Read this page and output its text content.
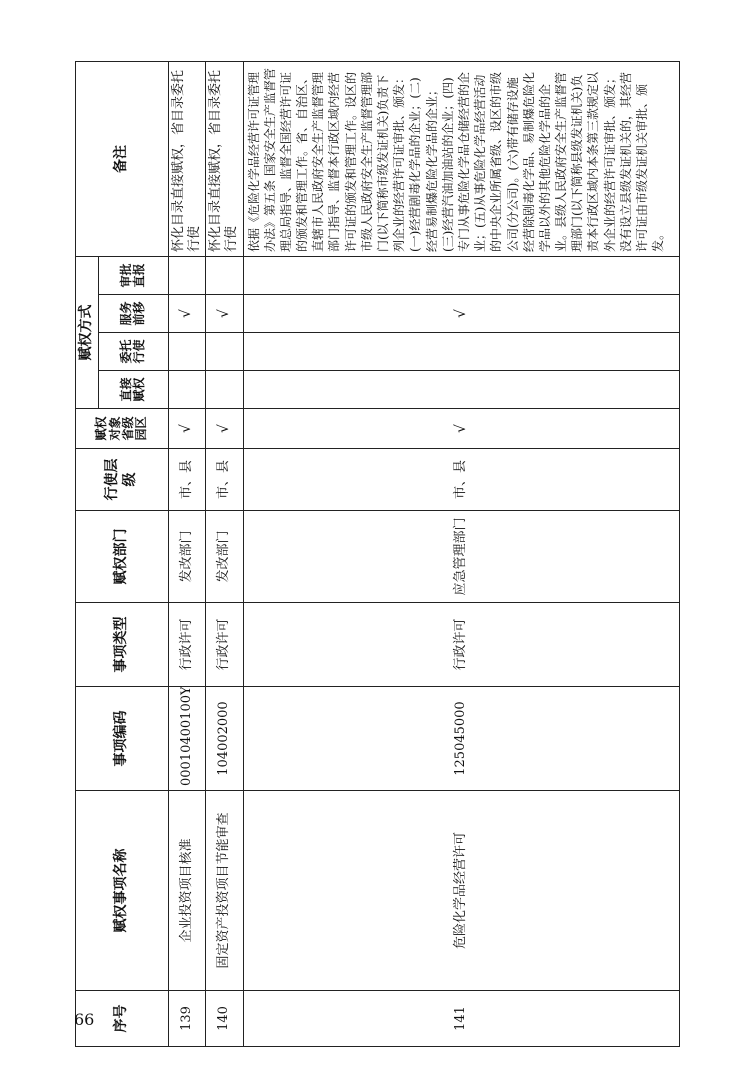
序号	赋权事项名称	事项编码	事项类型	赋权部门	行使层级	赋权对象省级园区	赋权方式				备注
							直接赋权	委托行使	服务前移	审批直报	
139	企业投资项目核准	00010400100Y	行政许可	发改部门	市、县	√			√		怀化目录直接赋权，省目录委托行使
140	固定资产投资项目节能审查	104002000	行政许可	发改部门	市、县	√			√		怀化目录直接赋权，省目录委托行使
141	危险化学品经营许可	125045000	行政许可	应急管理部门	市、县	√			√		依据《危险化学品经营许可证管理办法》第五条 国家安全生产监督管理总局指导、监督全国经营许可证的颁发和管理工作。省、自治区、直辖市人民政府安全生产监督管理部门指导、监督本行政区域内经营许可证的颁发和管理工作。设区的市级人民政府安全生产监督管理部门(以下简称市级发证机关)负责下列企业的经营许可证审批、颁发：(一)经营剧毒化学品的企业；(二)经营易制爆危险化学品的企业；(三)经营汽油加油站的企业；(四)专门从事危险化学品仓储经营的企业；(五)从事危险化学品经营活动的中央企业所属省级、设区的市级公司(分公司)。(六)带有储存设施经营除剧毒化学品、易制爆危险化学品以外的其他危险化学品的企业。县级人民政府安全生产监督管理部门(以下简称县级发证机关)负责本行政区域内本条第三款规定以外企业的经营许可证审批、颁发；没有设立县级发证机关的，其经营许可证由市级发证机关审批、颁发。
66
